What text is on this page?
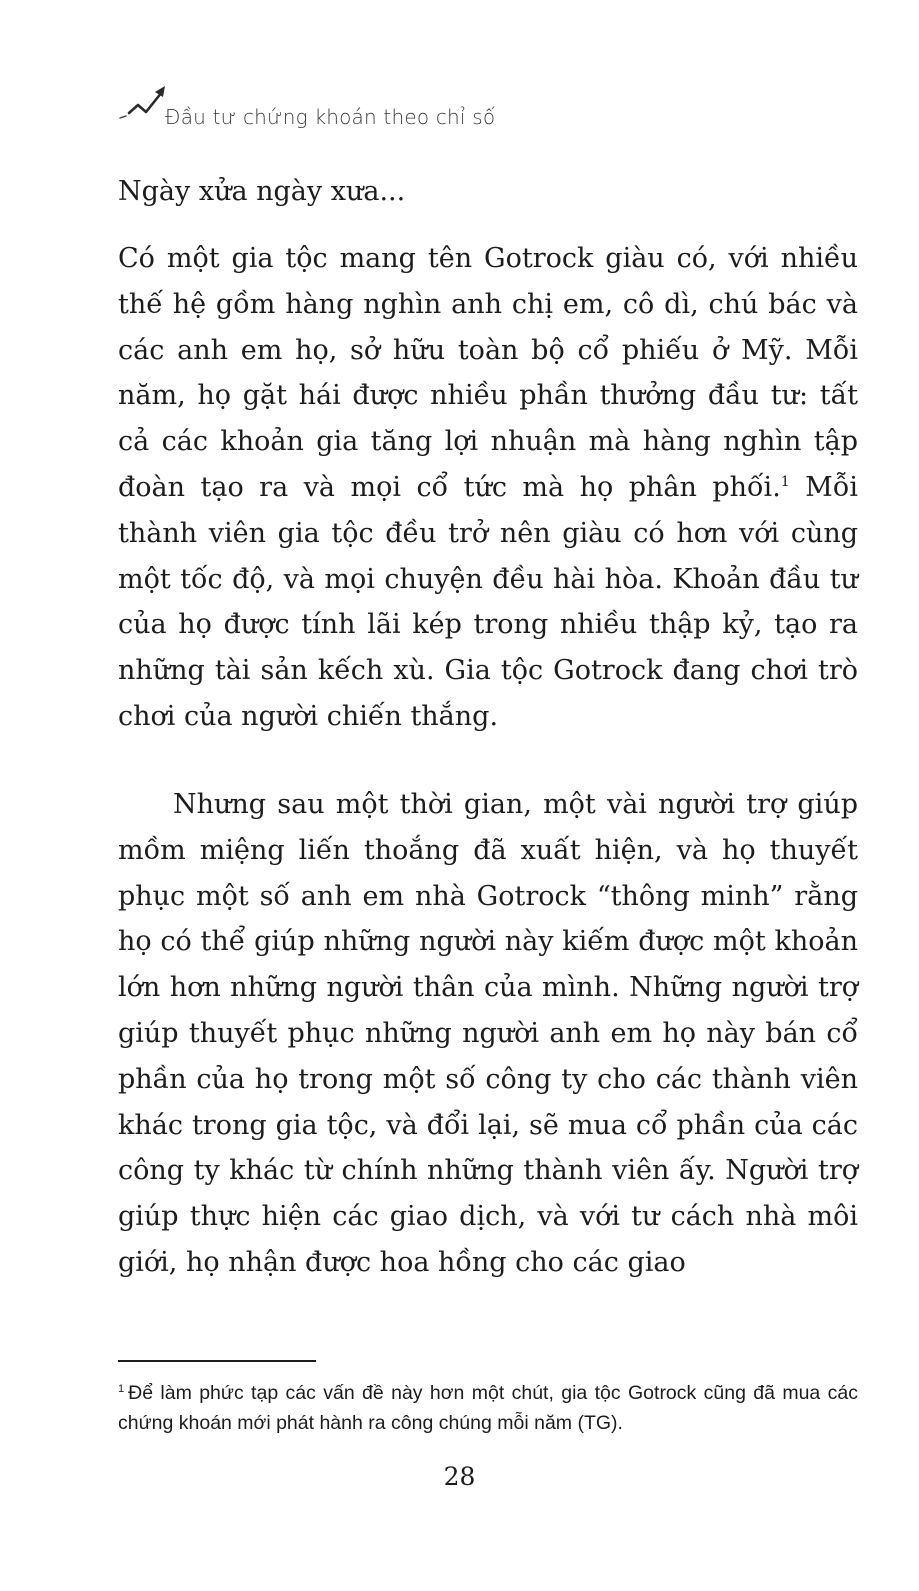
Đầu tư chứng khoán theo chỉ số
Ngày xửa ngày xưa...
Có một gia tộc mang tên Gotrock giàu có, với nhiều thế hệ gồm hàng nghìn anh chị em, cô dì, chú bác và các anh em họ, sở hữu toàn bộ cổ phiếu ở Mỹ. Mỗi năm, họ gặt hái được nhiều phần thưởng đầu tư: tất cả các khoản gia tăng lợi nhuận mà hàng nghìn tập đoàn tạo ra và mọi cổ tức mà họ phân phối.$^1$ Mỗi thành viên gia tộc đều trở nên giàu có hơn với cùng một tốc độ, và mọi chuyện đều hài hòa. Khoản đầu tư của họ được tính lãi kép trong nhiều thập kỷ, tạo ra những tài sản kếch xù. Gia tộc Gotrock đang chơi trò chơi của người chiến thắng.
Nhưng sau một thời gian, một vài người trợ giúp mồm miệng liến thoắng đã xuất hiện, và họ thuyết phục một số anh em nhà Gotrock “thông minh” rằng họ có thể giúp những người này kiếm được một khoản lớn hơn những người thân của mình. Những người trợ giúp thuyết phục những người anh em họ này bán cổ phần của họ trong một số công ty cho các thành viên khác trong gia tộc, và đổi lại, sẽ mua cổ phần của các công ty khác từ chính những thành viên ấy. Người trợ giúp thực hiện các giao dịch, và với tư cách nhà môi giới, họ nhận được hoa hồng cho các giao
$^1$ Để làm phức tạp các vấn đề này hơn một chút, gia tộc Gotrock cũng đã mua các chứng khoán mới phát hành ra công chúng mỗi năm (TG).
28
